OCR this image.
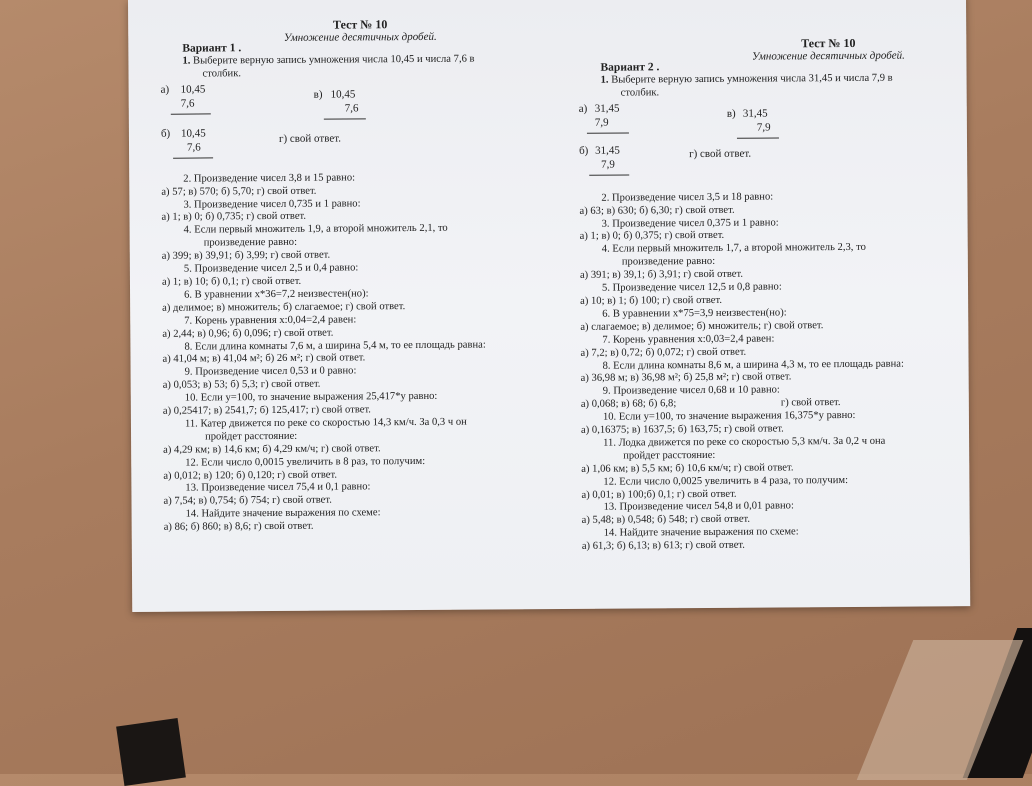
Тест № 10
Умножение десятичных дробей.
Вариант 1 .
1. Выберите верную запись умножения числа 10,45 и числа 7,6 в
столбик.
а) 10,45
7,6
в) 10,45
7,6
б) 10,45
7,6
г) свой ответ.
2. Произведение чисел 3,8 и 15 равно:
а) 57; в) 570; б) 5,70; г) свой ответ.
3. Произведение чисел 0,735 и 1 равно:
а) 1; в) 0; б) 0,735; г) свой ответ.
4. Если первый множитель 1,9, а второй множитель 2,1, то
произведение равно:
а) 399; в) 39,91; б) 3,99; г) свой ответ.
5. Произведение чисел 2,5 и 0,4 равно:
а) 1; в) 10; б) 0,1; г) свой ответ.
6. В уравнении х*36=7,2 неизвестен(но):
а) делимое; в) множитель; б) слагаемое; г) свой ответ.
7. Корень уравнения х:0,04=2,4 равен:
а) 2,44; в) 0,96; б) 0,096; г) свой ответ.
8. Если длина комнаты 7,6 м, а ширина 5,4 м, то ее площадь равна:
а) 41,04 м; в) 41,04 м²; б) 26 м²; г) свой ответ.
9. Произведение чисел 0,53 и 0 равно:
а) 0,053; в) 53; б) 5,3; г) свой ответ.
10. Если у=100, то значение выражения 25,417*у равно:
а) 0,25417; в) 2541,7; б) 125,417; г) свой ответ.
11. Катер движется по реке со скоростью 14,3 км/ч. За 0,3 ч он
пройдет расстояние:
а) 4,29 км; в) 14,6 км; б) 4,29 км/ч; г) свой ответ.
12. Если число 0,0015 увеличить в 8 раз, то получим:
а) 0,012; в) 120; б) 0,120; г) свой ответ.
13. Произведение чисел 75,4 и 0,1 равно:
а) 7,54; в) 0,754; б) 754; г) свой ответ.
14. Найдите значение выражения по схеме:
а) 86; б) 860; в) 8,6; г) свой ответ.
Тест № 10
Умножение десятичных дробей.
Вариант 2 .
1. Выберите верную запись умножения числа 31,45 и числа 7,9 в
столбик.
а) 31,45
7,9
в) 31,45
7,9
б) 31,45
7,9
г) свой ответ.
2. Произведение чисел 3,5 и 18 равно:
а) 63; в) 630; б) 6,30; г) свой ответ.
3. Произведение чисел 0,375 и 1 равно:
а) 1; в) 0; б) 0,375; г) свой ответ.
4. Если первый множитель 1,7, а второй множитель 2,3, то
произведение равно:
а) 391; в) 39,1; б) 3,91; г) свой ответ.
5. Произведение чисел 12,5 и 0,8 равно:
а) 10; в) 1; б) 100; г) свой ответ.
6. В уравнении х*75=3,9 неизвестен(но):
а) слагаемое; в) делимое; б) множитель; г) свой ответ.
7. Корень уравнения х:0,03=2,4 равен:
а) 7,2; в) 0,72; б) 0,072; г) свой ответ.
8. Если длина комнаты 8,6 м, а ширина 4,3 м, то ее площадь равна:
а) 36,98 м; в) 36,98 м²; б) 25,8 м²; г) свой ответ.
9. Произведение чисел 0,68 и 10 равно:
а) 0,068; в) 68; б) 6,8;	г) свой ответ.
10. Если у=100, то значение выражения 16,375*у равно:
а) 0,16375; в) 1637,5; б) 163,75; г) свой ответ.
11. Лодка движется по реке со скоростью 5,3 км/ч. За 0,2 ч она
пройдет расстояние:
а) 1,06 км; в) 5,5 км; б) 10,6 км/ч; г) свой ответ.
12. Если число 0,0025 увеличить в 4 раза, то получим:
а) 0,01; в) 100;б) 0,1; г) свой ответ.
13. Произведение чисел 54,8 и 0,01 равно:
а) 5,48; в) 0,548; б) 548; г) свой ответ.
14. Найдите значение выражения по схеме:
а) 61,3; б) 6,13; в) 613; г) свой ответ.
